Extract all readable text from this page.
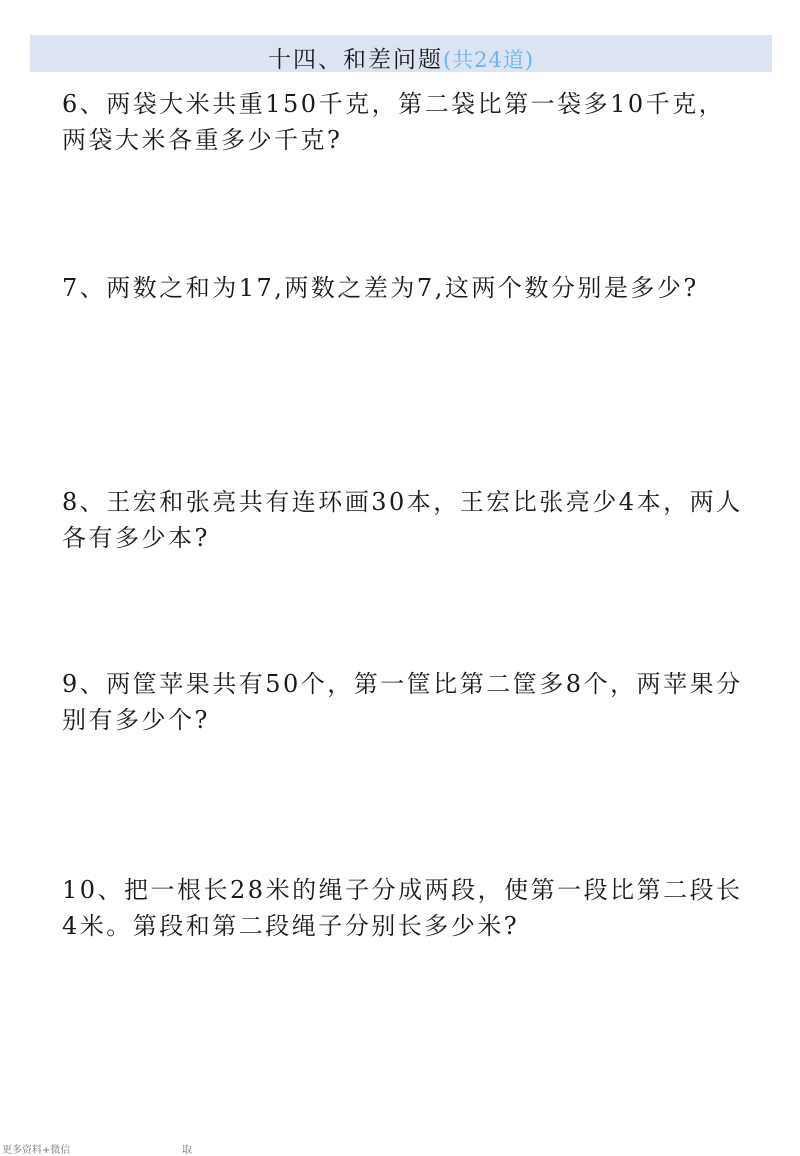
十四、和差问题(共24道)

6、两袋大米共重150千克，第二袋比第一袋多10千克，
两袋大米各重多少千克?

7、两数之和为17,两数之差为7,这两个数分别是多少?

8、王宏和张亮共有连环画30本，王宏比张亮少4本，两人
各有多少本?

9、两筐苹果共有50个，第一筐比第二筐多8个，两苹果分
别有多少个?

10、把一根长28米的绳子分成两段，使第一段比第二段长
4米。第段和第二段绳子分别长多少米?

更多资料+微信	取
